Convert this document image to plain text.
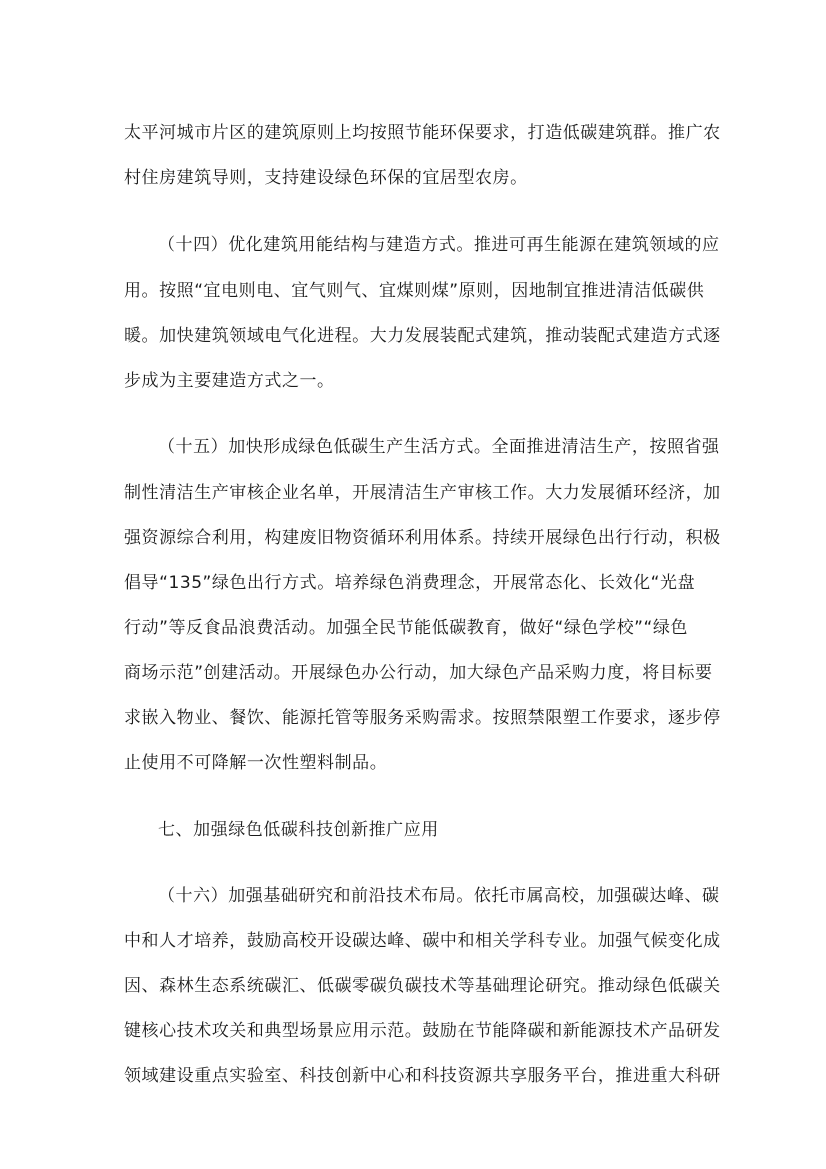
太平河城市片区的建筑原则上均按照节能环保要求，打造低碳建筑群。推广农
村住房建筑导则，支持建设绿色环保的宜居型农房。
（十四）优化建筑用能结构与建造方式。推进可再生能源在建筑领域的应
用。按照“宜电则电、宜气则气、宜煤则煤”原则，因地制宜推进清洁低碳供
暖。加快建筑领域电气化进程。大力发展装配式建筑，推动装配式建造方式逐
步成为主要建造方式之一。
（十五）加快形成绿色低碳生产生活方式。全面推进清洁生产，按照省强
制性清洁生产审核企业名单，开展清洁生产审核工作。大力发展循环经济，加
强资源综合利用，构建废旧物资循环利用体系。持续开展绿色出行行动，积极
倡导“135”绿色出行方式。培养绿色消费理念，开展常态化、长效化“光盘
行动”等反食品浪费活动。加强全民节能低碳教育，做好“绿色学校”“绿色
商场示范”创建活动。开展绿色办公行动，加大绿色产品采购力度，将目标要
求嵌入物业、餐饮、能源托管等服务采购需求。按照禁限塑工作要求，逐步停
止使用不可降解一次性塑料制品。
七、加强绿色低碳科技创新推广应用
（十六）加强基础研究和前沿技术布局。依托市属高校，加强碳达峰、碳
中和人才培养，鼓励高校开设碳达峰、碳中和相关学科专业。加强气候变化成
因、森林生态系统碳汇、低碳零碳负碳技术等基础理论研究。推动绿色低碳关
键核心技术攻关和典型场景应用示范。鼓励在节能降碳和新能源技术产品研发
领域建设重点实验室、科技创新中心和科技资源共享服务平台，推进重大科研
